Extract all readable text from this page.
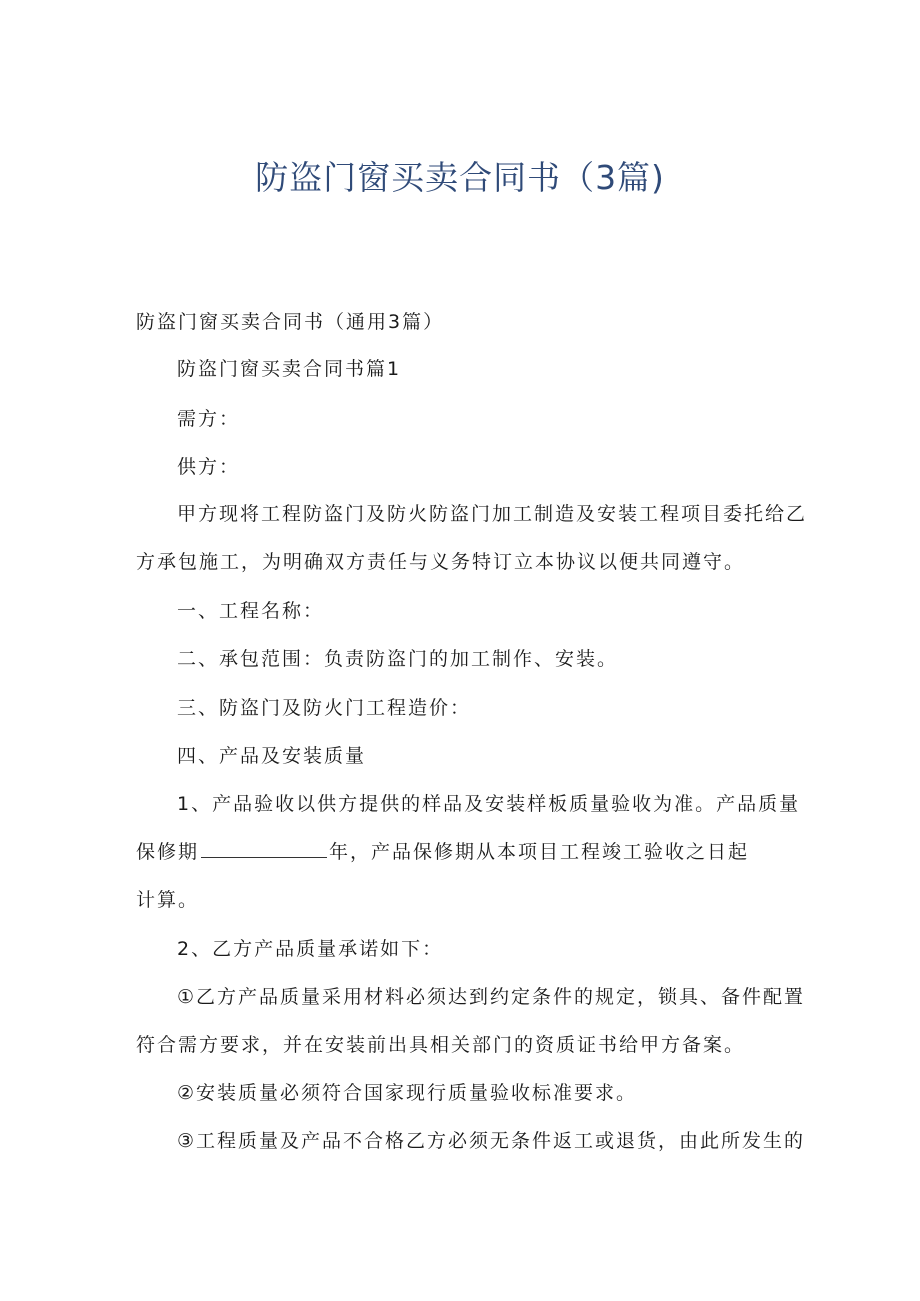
防盗门窗买卖合同书（3篇)
防盗门窗买卖合同书（通用3篇）
防盗门窗买卖合同书篇1
需方：
供方：
甲方现将工程防盗门及防火防盗门加工制造及安装工程项目委托给乙
方承包施工，为明确双方责任与义务特订立本协议以便共同遵守。
一、工程名称：
二、承包范围：负责防盗门的加工制作、安装。
三、防盗门及防火门工程造价：
四、产品及安装质量
1、产品验收以供方提供的样品及安装样板质量验收为准。产品质量
保修期	年，产品保修期从本项目工程竣工验收之日起
计算。
2、乙方产品质量承诺如下：
①乙方产品质量采用材料必须达到约定条件的规定，锁具、备件配置
符合需方要求，并在安装前出具相关部门的资质证书给甲方备案。
②安装质量必须符合国家现行质量验收标准要求。
③工程质量及产品不合格乙方必须无条件返工或退货，由此所发生的
